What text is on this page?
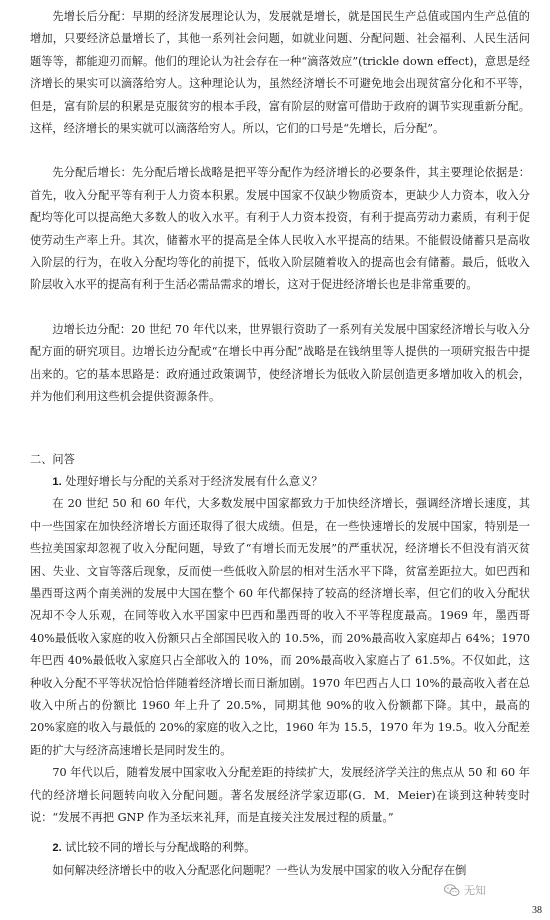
先增长后分配：早期的经济发展理论认为，发展就是增长，就是国民生产总值或国内生产总值的增加，只要经济总量增长了，其他一系列社会问题，如就业问题、分配问题、社会福利、人民生活问题等等，都能迎刃而解。他们的理论认为社会存在一种“滴落效应”(trickle down effect)，意思是经济增长的果实可以滴落给穷人。这种理论认为，虽然经济增长不可避免地会出现贫富分化和不平等，但是，富有阶层的积累是克服贫穷的根本手段，富有阶层的财富可借助于政府的调节实现重新分配。这样，经济增长的果实就可以滴落给穷人。所以，它们的口号是“先增长，后分配”。

先分配后增长：先分配后增长战略是把平等分配作为经济增长的必要条件，其主要理论依据是：首先，收入分配平等有利于人力资本积累。发展中国家不仅缺少物质资本，更缺少人力资本，收入分配均等化可以提高绝大多数人的收入水平。有利于人力资本投资，有利于提高劳动力素质，有利于促使劳动生产率上升。其次，储蓄水平的提高是全体人民收入水平提高的结果。不能假设储蓄只是高收入阶层的行为，在收入分配均等化的前提下，低收入阶层随着收入的提高也会有储蓄。最后，低收入阶层收入水平的提高有利于生活必需品需求的增长，这对于促进经济增长也是非常重要的。

边增长边分配：20 世纪 70 年代以来，世界银行资助了一系列有关发展中国家经济增长与收入分配方面的研究项目。边增长边分配或“在增长中再分配”战略是在钱纳里等人提供的一项研究报告中提出来的。它的基本思路是：政府通过政策调节，使经济增长为低收入阶层创造更多增加收入的机会，并为他们利用这些机会提供资源条件。

二、问答

1. 处理好增长与分配的关系对于经济发展有什么意义？

在 20 世纪 50 和 60 年代，大多数发展中国家都致力于加快经济增长，强调经济增长速度，其中一些国家在加快经济增长方面还取得了很大成绩。但是，在一些快速增长的发展中国家，特别是一些拉美国家却忽视了收入分配问题，导致了“有增长而无发展”的严重状况，经济增长不但没有消灭贫困、失业、文盲等落后现象，反而使一些低收入阶层的相对生活水平下降，贫富差距拉大。如巴西和墨西哥这两个南美洲的发展中大国在整个 60 年代都保持了较高的经济增长率，但它们的收入分配状况却不令人乐观，在同等收入水平国家中巴西和墨西哥的收入不平等程度最高。1969 年，墨西哥 40%最低收入家庭的收入份额只占全部国民收入的 10.5%，而 20%最高收入家庭却占 64%；1970 年巴西 40%最低收入家庭只占全部收入的 10%，而 20%最高收入家庭占了 61.5%。不仅如此，这种收入分配不平等状况恰恰伴随着经济增长而日渐加剧。1970 年巴西占人口 10%的最高收入者在总收入中所占的份额比 1960 年上升了 20.5%，同期其他 90%的收入份额都下降。其中，最高的 20%家庭的收入与最低的 20%的家庭的收入之比，1960 年为 15.5，1970 年为 19.5。收入分配差距的扩大与经济高速增长是同时发生的。

70 年代以后，随着发展中国家收入分配差距的持续扩大，发展经济学关注的焦点从 50 和 60 年代的经济增长问题转向收入分配问题。著名发展经济学家迈耶(G．M．Meier)在谈到这种转变时说：“发展不再把 GNP 作为圣坛来礼拜，而是直接关注发展过程的质量。”

2. 试比较不同的增长与分配战略的利弊。

如何解决经济增长中的收入分配恶化问题呢？一些认为发展中国家的收入分配存在倒

无知
38
